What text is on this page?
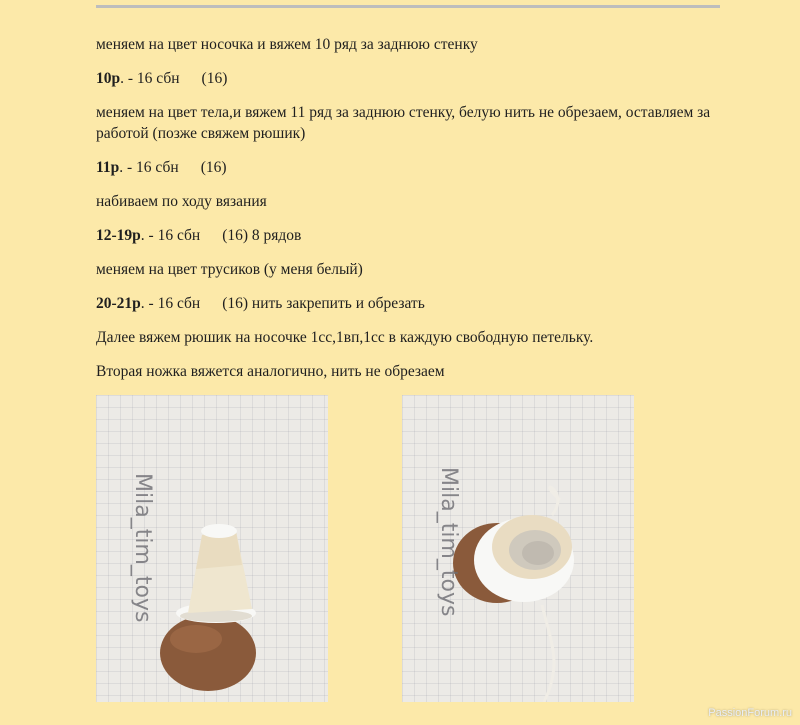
меняем на цвет носочка и вяжем 10 ряд за заднюю стенку

10р. - 16 сбн (16)

меняем на цвет тела,и вяжем 11 ряд за заднюю стенку, белую нить не обрезаем, оставляем за работой (позже свяжем рюшик)

11р. - 16 сбн (16)

набиваем по ходу вязания

12-19р. - 16 сбн (16) 8 рядов

меняем на цвет трусиков (у меня белый)

20-21р. - 16 сбн (16) нить закрепить и обрезать

Далее вяжем рюшик на носочке 1сс,1вп,1сс в каждую свободную петельку.

Вторая ножка вяжется аналогично, нить не обрезаем

Mila_tim_toys	Mila_tim_toys
PassionForum.ru
